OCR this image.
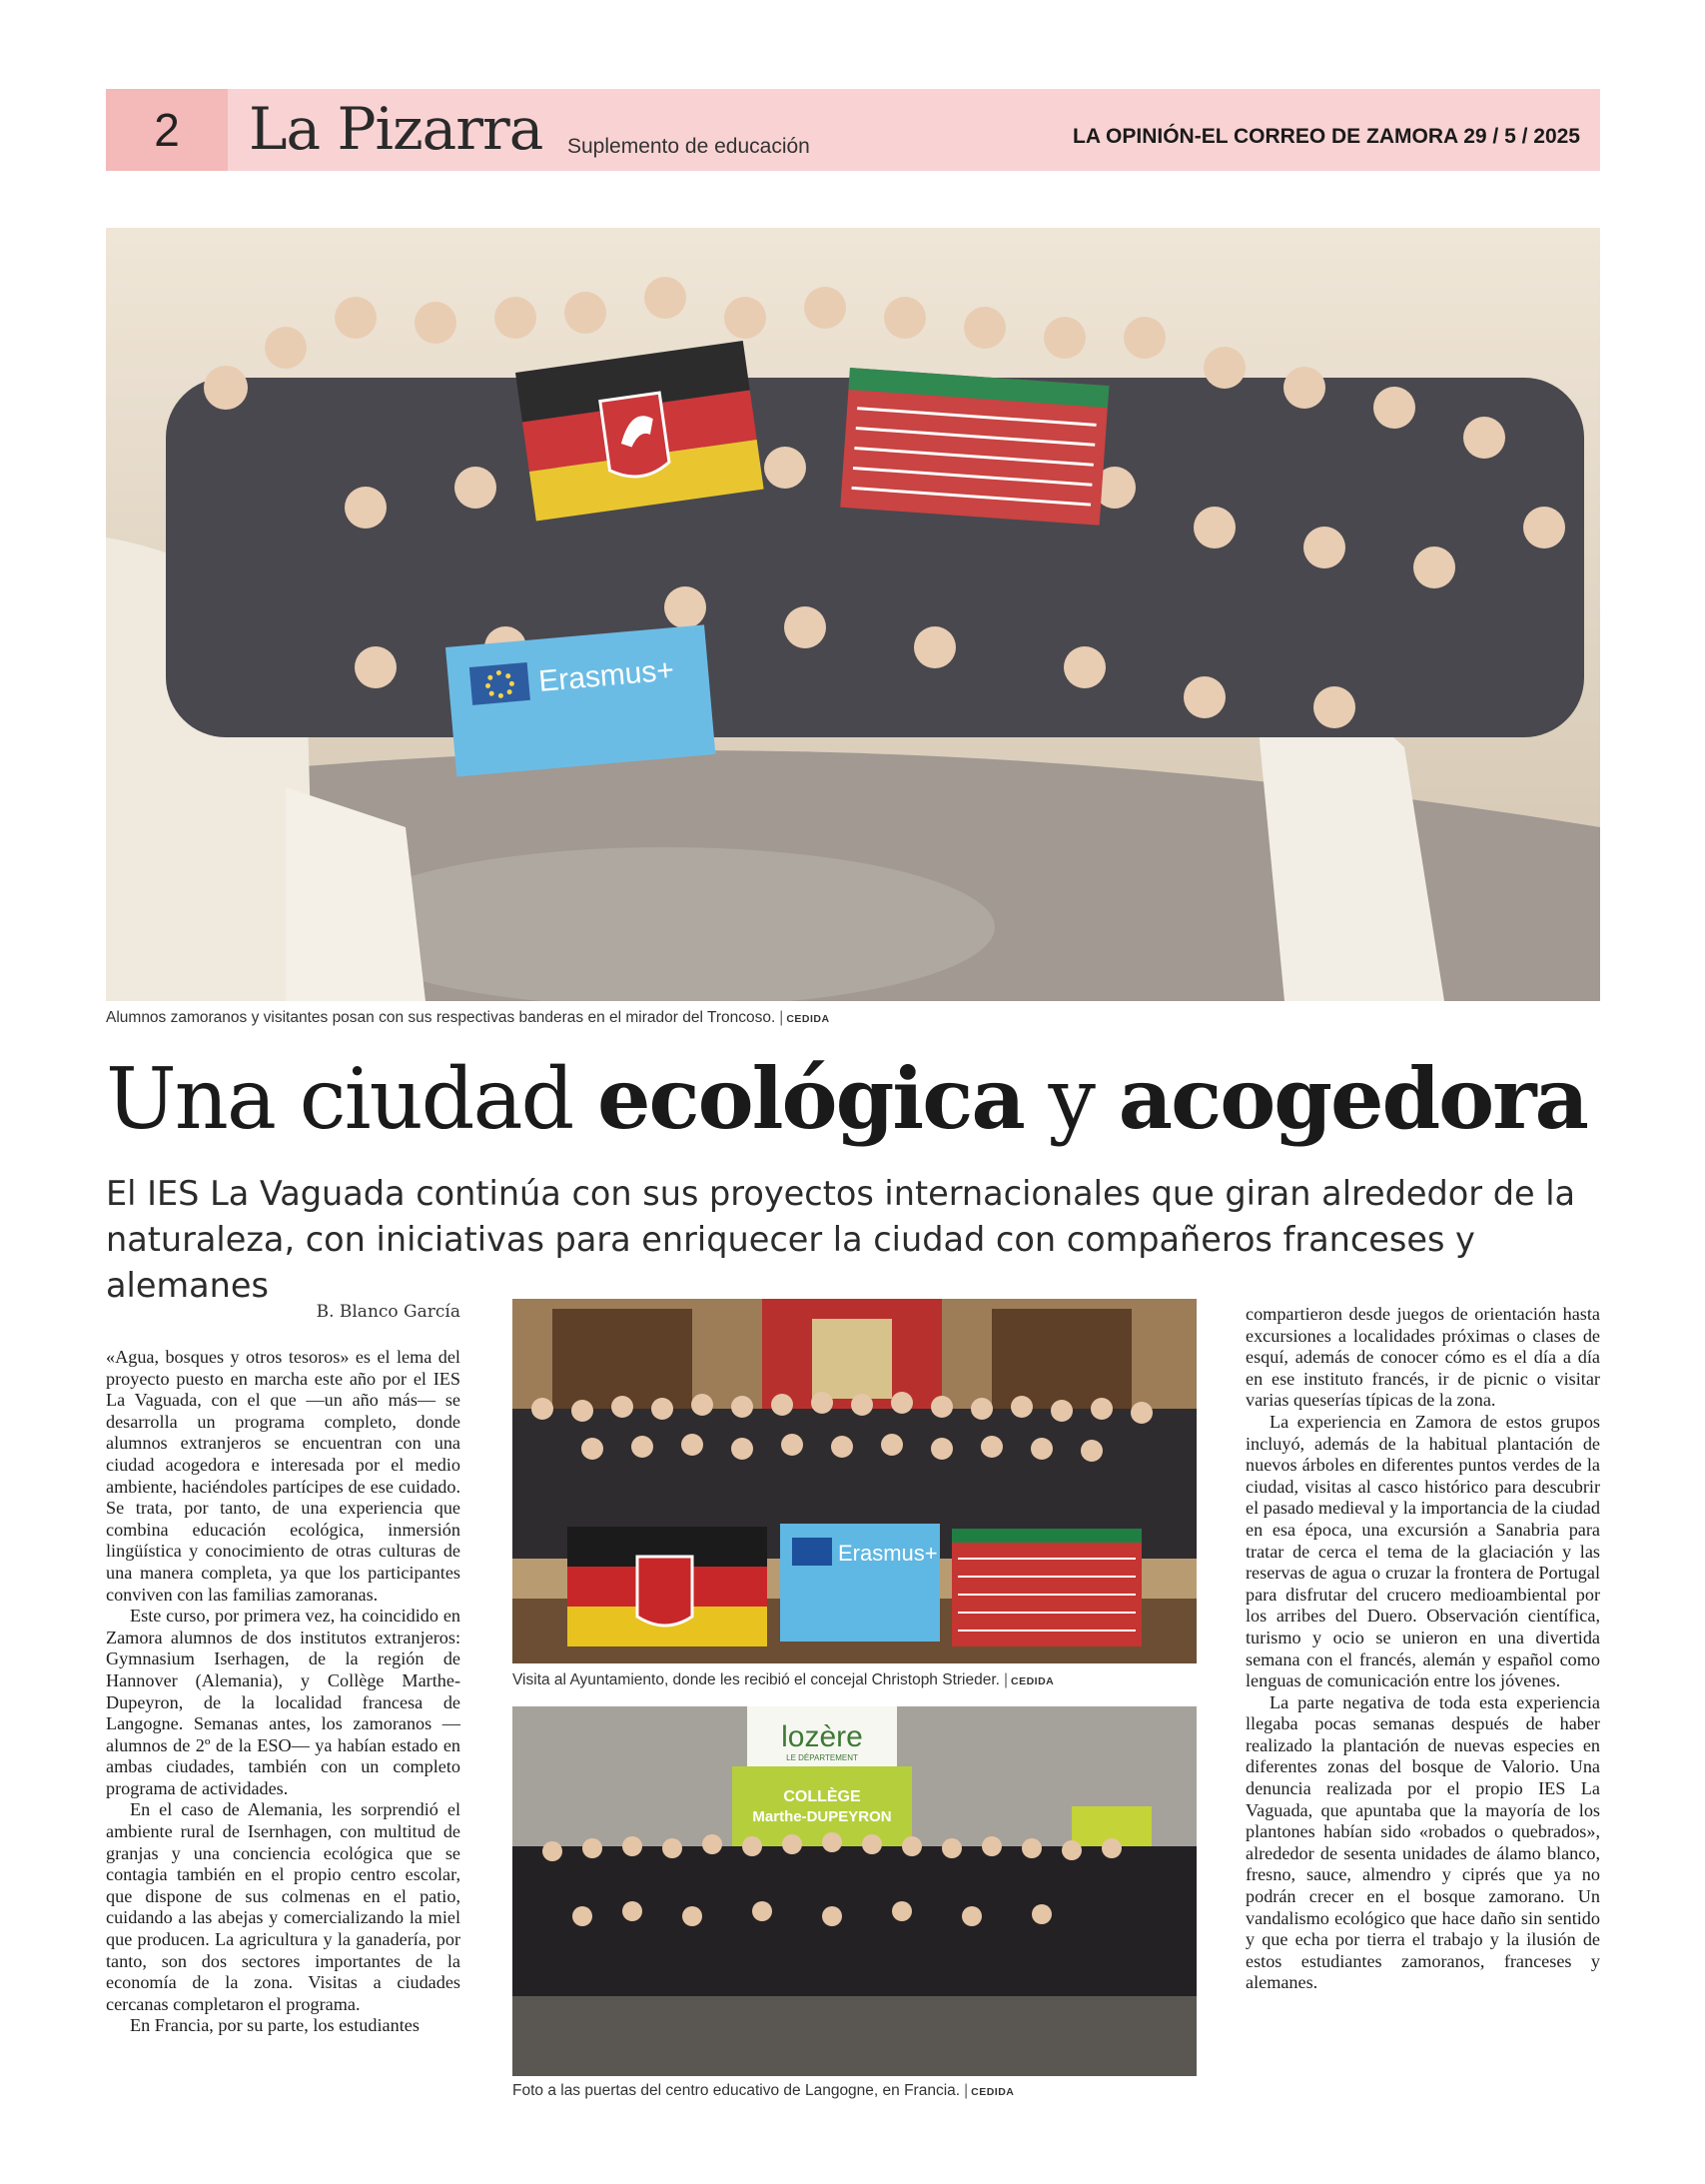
2	La Pizarra Suplemento de educación	LA OPINIÓN-EL CORREO DE ZAMORA 29 / 5 / 2025
Erasmus+
Alumnos zamoranos y visitantes posan con sus respectivas banderas en el mirador del Troncoso. | CEDIDA
Una ciudad ecológica y acogedora
El IES La Vaguada continúa con sus proyectos internacionales que giran alrededor de la naturaleza, con iniciativas para enriquecer la ciudad con compañeros franceses y alemanes
B. Blanco García

«Agua, bosques y otros tesoros» es el lema del proyecto puesto en marcha este año por el IES La Vaguada, con el que —un año más— se desarrolla un programa completo, donde alumnos extranjeros se encuentran con una ciudad acogedora e interesada por el medio ambiente, haciéndoles partícipes de ese cuidado. Se trata, por tanto, de una experiencia que combina educación ecológica, inmersión lingüística y conocimiento de otras culturas de una manera completa, ya que los participantes conviven con las familias zamoranas.

Este curso, por primera vez, ha coincidido en Zamora alumnos de dos institutos extranjeros: Gymnasium Iserhagen, de la región de Hannover (Alemania), y Collège Marthe-Dupeyron, de la localidad francesa de Langogne. Semanas antes, los zamoranos —alumnos de 2º de la ESO— ya habían estado en ambas ciudades, también con un completo programa de actividades.

En el caso de Alemania, les sorprendió el ambiente rural de Isernhagen, con multitud de granjas y una conciencia ecológica que se contagia también en el propio centro escolar, que dispone de sus colmenas en el patio, cuidando a las abejas y comercializando la miel que producen. La agricultura y la ganadería, por tanto, son dos sectores importantes de la economía de la zona. Visitas a ciudades cercanas completaron el programa.

En Francia, por su parte, los estudiantes

Erasmus+
Visita al Ayuntamiento, donde les recibió el concejal Christoph Strieder. | CEDIDA
lozère
LE DÉPARTEMENT
COLLÈGE
Marthe-DUPEYRON
Foto a las puertas del centro educativo de Langogne, en Francia. | CEDIDA

compartieron desde juegos de orientación hasta excursiones a localidades próximas o clases de esquí, además de conocer cómo es el día a día en ese instituto francés, ir de picnic o visitar varias queserías típicas de la zona.

La experiencia en Zamora de estos grupos incluyó, además de la habitual plantación de nuevos árboles en diferentes puntos verdes de la ciudad, visitas al casco histórico para descubrir el pasado medieval y la importancia de la ciudad en esa época, una excursión a Sanabria para tratar de cerca el tema de la glaciación y las reservas de agua o cruzar la frontera de Portugal para disfrutar del crucero medioambiental por los arribes del Duero. Observación científica, turismo y ocio se unieron en una divertida semana con el francés, alemán y español como lenguas de comunicación entre los jóvenes.

La parte negativa de toda esta experiencia llegaba pocas semanas después de haber realizado la plantación de nuevas especies en diferentes zonas del bosque de Valorio. Una denuncia realizada por el propio IES La Vaguada, que apuntaba que la mayoría de los plantones habían sido «robados o quebrados», alrededor de sesenta unidades de álamo blanco, fresno, sauce, almendro y ciprés que ya no podrán crecer en el bosque zamorano. Un vandalismo ecológico que hace daño sin sentido y que echa por tierra el trabajo y la ilusión de estos estudiantes zamoranos, franceses y alemanes.
